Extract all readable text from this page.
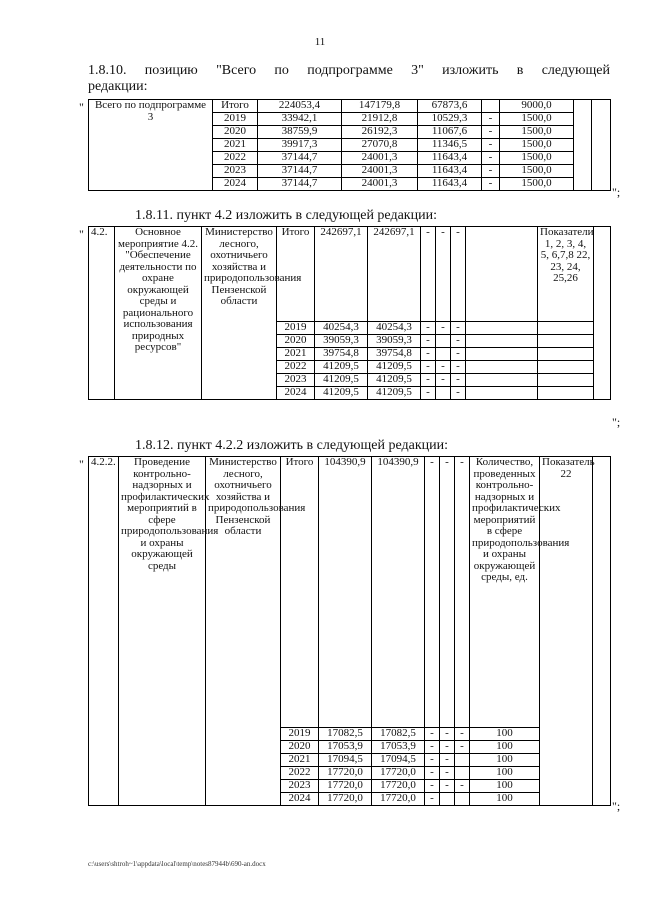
11
1.8.10. позицию "Всего по подпрограмме 3" изложить в следующей
редакции:
" Всего по подпрограмме 3	Итого	224053,4	147179,8	67873,6		9000,0		
	2019	33942,1	21912,8	10529,3	-	1500,0		
	2020	38759,9	26192,3	11067,6	-	1500,0		
	2021	39917,3	27070,8	11346,5	-	1500,0		
	2022	37144,7	24001,3	11643,4	-	1500,0		
	2023	37144,7	24001,3	11643,4	-	1500,0		
	2024	37144,7	24001,3	11643,4	-	1500,0		
";
1.8.11. пункт 4.2 изложить в следующей редакции:
" 4.2.	Основное мероприятие 4.2. "Обеспечение деятельности по охране окружающей среды и рационального использования природных ресурсов"	Министерство лесного, охотничьего хозяйства и природопользования Пензенской области	Итого	242697,1	242697,1	-	-	-		Показатели 1, 2, 3, 4, 5, 6,7,8 22, 23, 24, 25,26	
			2019	40254,3	40254,3	-	-	-			
			2020	39059,3	39059,3	-		-			
			2021	39754,8	39754,8	-		-			
			2022	41209,5	41209,5	-	-	-			
			2023	41209,5	41209,5	-	-	-			
			2024	41209,5	41209,5	-		-			
";
1.8.12. пункт 4.2.2 изложить в следующей редакции:
" 4.2.2.	Проведение контрольно-надзорных и профилактических мероприятий в сфере природопользования и охраны окружающей среды	Министерство лесного, охотничьего хозяйства и природопользования Пензенской области	Итого	104390,9	104390,9	-	-	-	Количество, проведенных контрольно-надзорных и профилактических мероприятий в сфере природопользования и охраны окружающей среды, ед.	Показатель 22	
			2019	17082,5	17082,5	-	-	-	100		
			2020	17053,9	17053,9	-	-	-	100		
			2021	17094,5	17094,5	-	-		100		
			2022	17720,0	17720,0	-	-		100		
			2023	17720,0	17720,0	-	-	-	100		
			2024	17720,0	17720,0	-			100		
";
c:\users\shtroh~1\appdata\local\temp\notes87944b\690-an.docx
